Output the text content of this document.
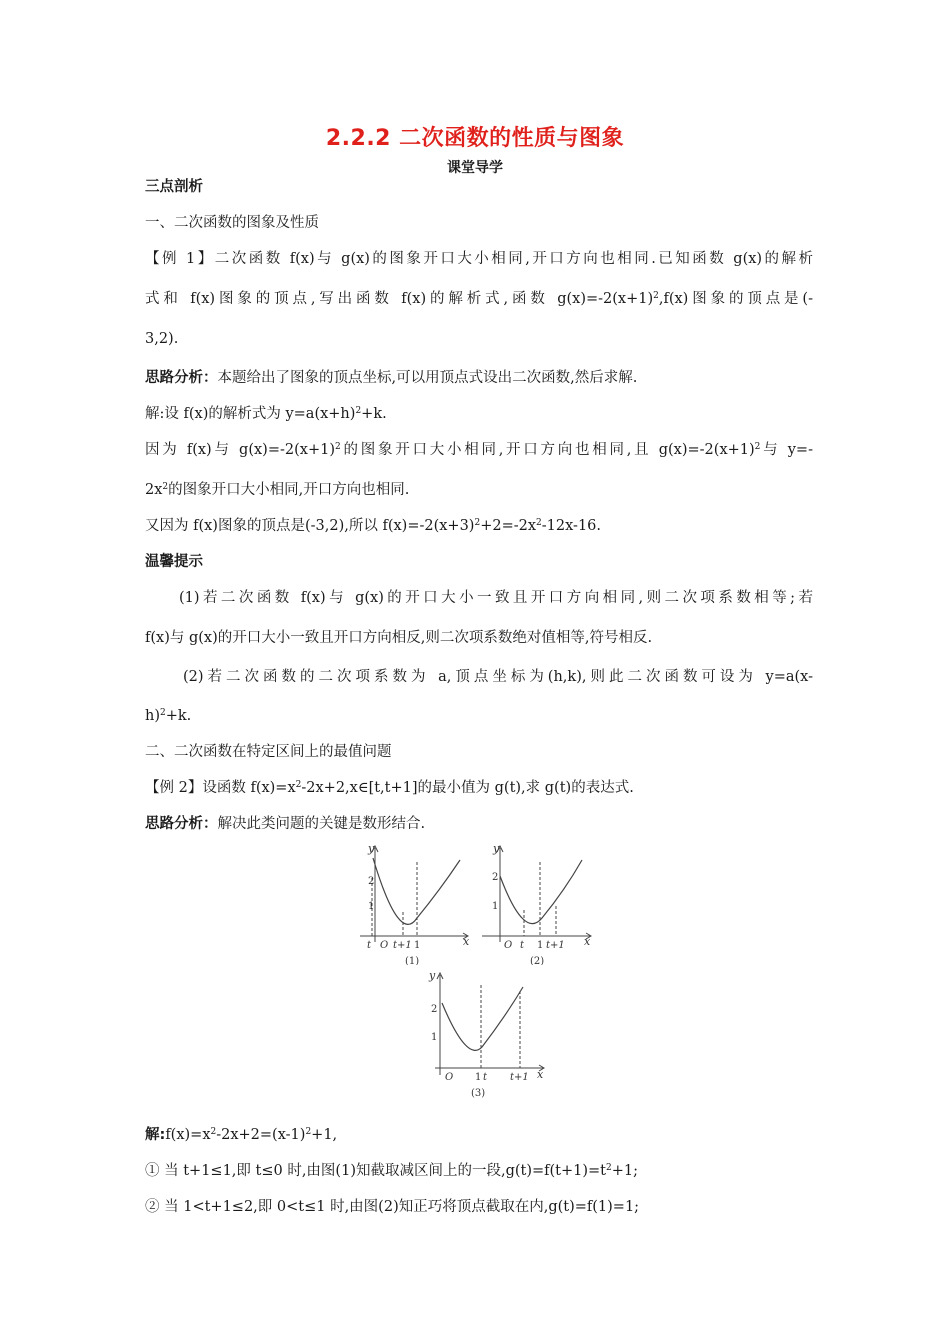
2.2.2 二次函数的性质与图象
课堂导学
三点剖析
一、二次函数的图象及性质
【例 1】二次函数 f(x)与 g(x)的图象开口大小相同,开口方向也相同.已知函数 g(x)的解析
式和 f(x)图象的顶点,写出函数 f(x)的解析式,函数 $g(x)=-2(x+1)^2,f(x)$图象的顶点是(-
3,2).
思路分析：本题给出了图象的顶点坐标,可以用顶点式设出二次函数,然后求解.
解:设 f(x)的解析式为 $y=a(x+h)^2+k$.
因为 f(x)与 $g(x)=-2(x+1)^2$的图象开口大小相同,开口方向也相同,且 $g(x)=-2(x+1)^2$与 y=-
$2x^2$的图象开口大小相同,开口方向也相同.
又因为 f(x)图象的顶点是(-3,2),所以 $f(x)=-2(x+3)^2+2=-2x^2-12x-16$.
温馨提示
(1)若二次函数 f(x)与 g(x)的开口大小一致且开口方向相同,则二次项系数相等;若
f(x)与 g(x)的开口大小一致且开口方向相反,则二次项系数绝对值相等,符号相反.
(2)若二次函数的二次项系数为 a,顶点坐标为(h,k),则此二次函数可设为 y=a(x-
h)$^2$+k.
二、二次函数在特定区间上的最值问题
【例 2】设函数 $f(x)=x^2-2x+2,x\in[t,t+1]$的最小值为 g(t),求 g(t)的表达式.
思路分析：解决此类问题的关键是数形结合.
y
x
2
1
t O t+1 1
(1)
y
x
2
1
O t 1 t+1
(2)
y
x
2
1
O 1 t t+1
(3)
解$:f(x)=x^2-2x+2=(x-1)^2+1$,
① 当 t+1≤1,即 t≤0 时,由图(1)知截取减区间上的一段$,g(t)=f(t+1)=t^2+1$;
② 当 1<t+1≤2,即 0<t≤1 时,由图(2)知正巧将顶点截取在内,g(t)=f(1)=1;
